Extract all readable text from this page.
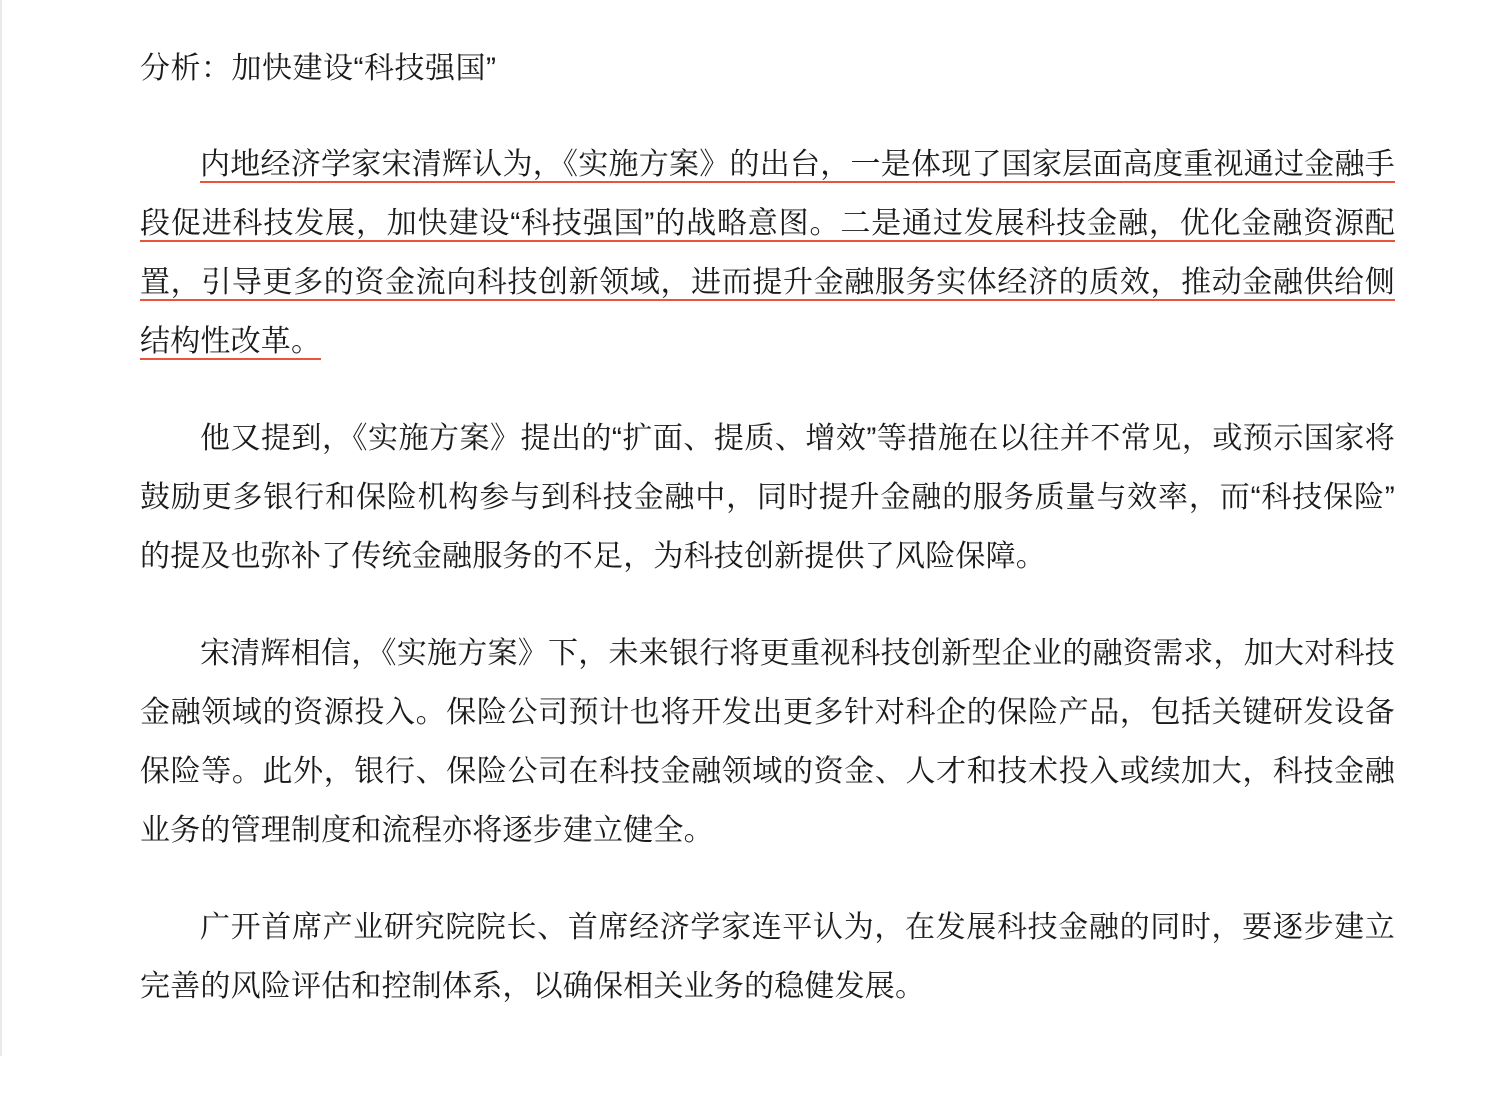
分析：加快建设“科技强国”

内地经济学家宋清辉认为，《实施方案》的出台，一是体现了国家层面高度重视通过金融手段促进科技发展，加快建设“科技强国”的战略意图。二是通过发展科技金融，优化金融资源配置，引导更多的资金流向科技创新领域，进而提升金融服务实体经济的质效，推动金融供给侧结构性改革。

他又提到，《实施方案》提出的“扩面、提质、增效”等措施在以往并不常见，或预示国家将鼓励更多银行和保险机构参与到科技金融中，同时提升金融的服务质量与效率，而“科技保险”的提及也弥补了传统金融服务的不足，为科技创新提供了风险保障。

宋清辉相信，《实施方案》下，未来银行将更重视科技创新型企业的融资需求，加大对科技金融领域的资源投入。保险公司预计也将开发出更多针对科企的保险产品，包括关键研发设备保险等。此外，银行、保险公司在科技金融领域的资金、人才和技术投入或续加大，科技金融业务的管理制度和流程亦将逐步建立健全。

广开首席产业研究院院长、首席经济学家连平认为，在发展科技金融的同时，要逐步建立完善的风险评估和控制体系，以确保相关业务的稳健发展。
